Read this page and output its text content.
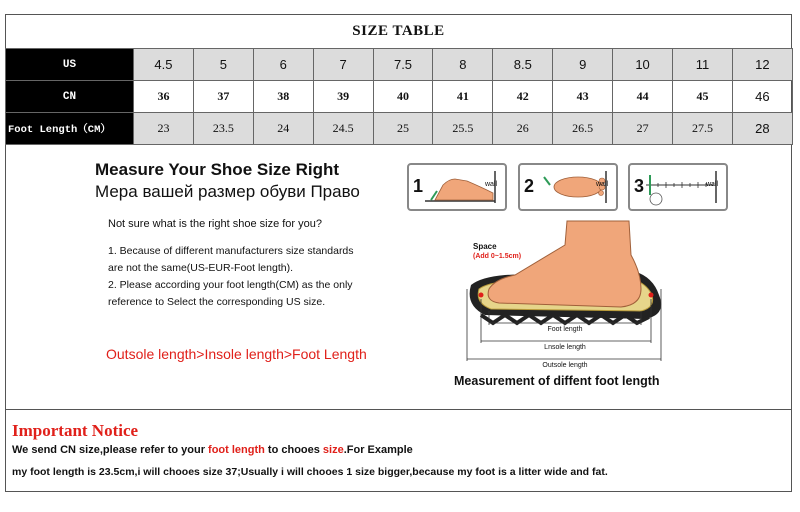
SIZE TABLE
US	4.5	5	6	7	7.5	8	8.5	9	10	11	12
CN	36	37	38	39	40	41	42	43	44	45	46
Foot Length（CM）	23	23.5	24	24.5	25	25.5	26	26.5	27	27.5	28

Measure Your Shoe Size Right

Мера вашей размер обуви Право

Not sure what is the right shoe size for you?

1. Because of different manufacturers size standards

are not the same(US-EUR-Foot length).

2. Please according your foot length(CM) as the only

reference to Select the corresponding US size.

Outsole length>Insole length>Foot Length
1	wall 2	wall 3	wall
Space
(Add 0~1.5cm)
Foot length
Lnsole length
Outsole length
Measurement of diffent foot length
Important Notice
We send CN size,please refer to your foot length to chooes size.For Example
my foot length is 23.5cm,i will chooes size 37;Usually i will chooes 1 size bigger,because my foot is a litter wide and fat.
